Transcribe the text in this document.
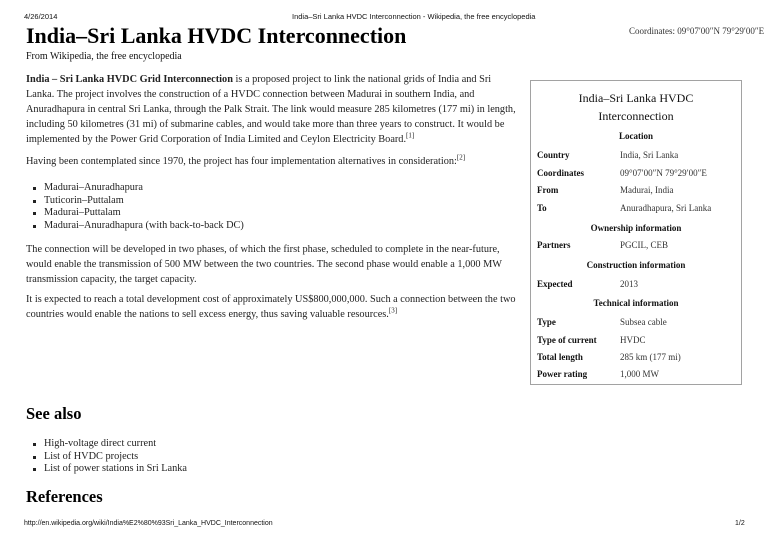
4/26/2014	India–Sri Lanka HVDC Interconnection - Wikipedia, the free encyclopedia
Coordinates: 09°07′00″N 79°29′00″E
India–Sri Lanka HVDC Interconnection
From Wikipedia, the free encyclopedia

India – Sri Lanka HVDC Grid Interconnection is a proposed project to link the national grids of India and Sri Lanka. The project involves the construction of a HVDC connection between Madurai in southern India, and Anuradhapura in central Sri Lanka, through the Palk Strait. The link would measure 285 kilometres (177 mi) in length, including 50 kilometres (31 mi) of submarine cables, and would take more than three years to construct. It would be implemented by the Power Grid Corporation of India Limited and Ceylon Electricity Board.[1]

Having been contemplated since 1970, the project has four implementation alternatives in consideration:[2]

Madurai–Anuradhapura
Tuticorin–Puttalam
Madurai–Puttalam
Madurai–Anuradhapura (with back-to-back DC)

The connection will be developed in two phases, of which the first phase, scheduled to complete in the near-future, would enable the transmission of 500 MW between the two countries. The second phase would enable a 1,000 MW transmission capacity, the target capacity.

It is expected to reach a total development cost of approximately US$800,000,000. Such a connection between the two countries would enable the nations to sell excess energy, thus saving valuable resources.[3]

See also
High-voltage direct current
List of HVDC projects
List of power stations in Sri Lanka
References
India–Sri Lanka HVDC
Interconnection
Location
Country	India, Sri Lanka
Coordinates	09°07′00″N 79°29′00″E
From	Madurai, India
To	Anuradhapura, Sri Lanka
Ownership information
Partners	PGCIL, CEB
Construction information
Expected	2013
Technical information
Type	Subsea cable
Type of current	HVDC
Total length	285 km (177 mi)
Power rating	1,000 MW
http://en.wikipedia.org/wiki/India%E2%80%93Sri_Lanka_HVDC_Interconnection	1/2
